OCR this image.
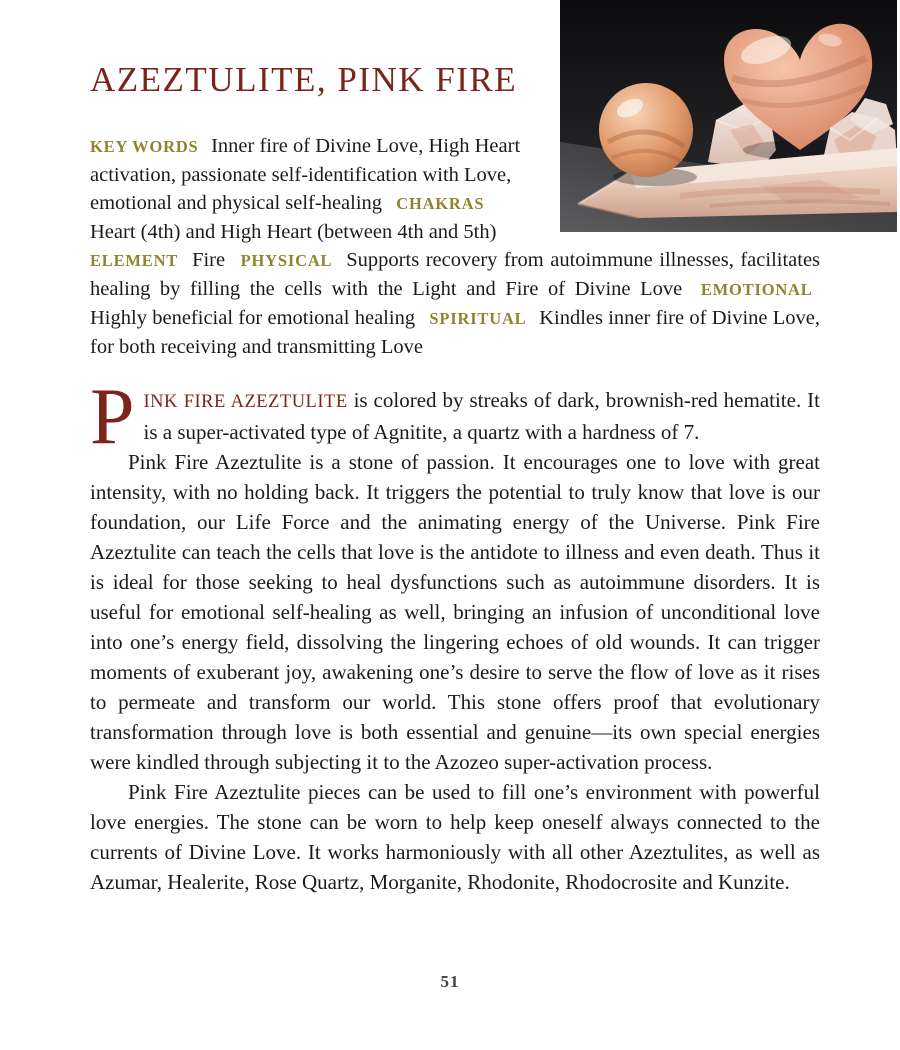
AZEZTULITE, PINK FIRE

KEY WORDS Inner fire of Divine Love, High Heart activation, passionate self-identification with Love, emotional and physical self-healing CHAKRAS Heart (4th) and High Heart (between 4th and 5th)

ELEMENT Fire PHYSICAL Supports recovery from autoimmune illnesses, facilitates healing by filling the cells with the Light and Fire of Divine Love EMOTIONAL Highly beneficial for emotional healing SPIRITUAL Kindles inner fire of Divine Love, for both receiving and transmitting Love

PINK FIRE AZEZTULITE is colored by streaks of dark, brownish-red hematite. It is a super-activated type of Agnitite, a quartz with a hardness of 7.

Pink Fire Azeztulite is a stone of passion. It encourages one to love with great intensity, with no holding back. It triggers the potential to truly know that love is our foundation, our Life Force and the animating energy of the Universe. Pink Fire Azeztulite can teach the cells that love is the antidote to illness and even death. Thus it is ideal for those seeking to heal dysfunctions such as autoimmune disorders. It is useful for emotional self-healing as well, bringing an infusion of unconditional love into one’s energy field, dissolving the lingering echoes of old wounds. It can trigger moments of exuberant joy, awakening one’s desire to serve the flow of love as it rises to permeate and transform our world. This stone offers proof that evolutionary transformation through love is both essential and genuine—its own special energies were kindled through subjecting it to the Azozeo super-activation process.

Pink Fire Azeztulite pieces can be used to fill one’s environment with powerful love energies. The stone can be worn to help keep oneself always connected to the currents of Divine Love. It works harmoniously with all other Azeztulites, as well as Azumar, Healerite, Rose Quartz, Morganite, Rhodonite, Rhodocrosite and Kunzite.

51
